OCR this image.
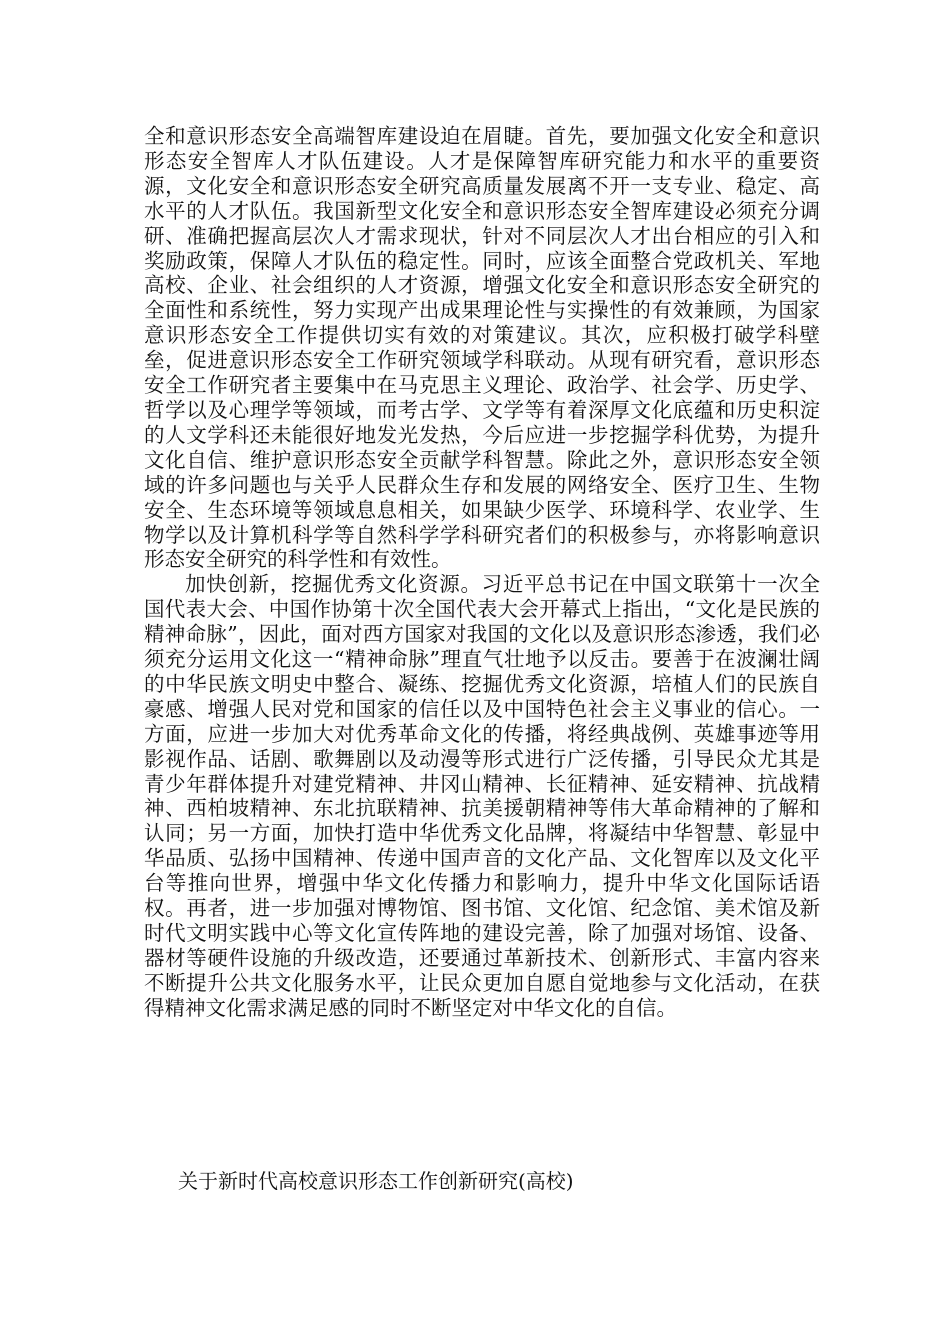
全和意识形态安全高端智库建设迫在眉睫。首先，要加强文化安全和意识形态安全智库人才队伍建设。人才是保障智库研究能力和水平的重要资源，文化安全和意识形态安全研究高质量发展离不开一支专业、稳定、高水平的人才队伍。我国新型文化安全和意识形态安全智库建设必须充分调研、准确把握高层次人才需求现状，针对不同层次人才出台相应的引入和奖励政策，保障人才队伍的稳定性。同时，应该全面整合党政机关、军地高校、企业、社会组织的人才资源，增强文化安全和意识形态安全研究的全面性和系统性，努力实现产出成果理论性与实操性的有效兼顾，为国家意识形态安全工作提供切实有效的对策建议。其次，应积极打破学科壁垒，促进意识形态安全工作研究领域学科联动。从现有研究看，意识形态安全工作研究者主要集中在马克思主义理论、政治学、社会学、历史学、哲学以及心理学等领域，而考古学、文学等有着深厚文化底蕴和历史积淀的人文学科还未能很好地发光发热，今后应进一步挖掘学科优势，为提升文化自信、维护意识形态安全贡献学科智慧。除此之外，意识形态安全领域的许多问题也与关乎人民群众生存和发展的网络安全、医疗卫生、生物安全、生态环境等领域息息相关，如果缺少医学、环境科学、农业学、生物学以及计算机科学等自然科学学科研究者们的积极参与，亦将影响意识形态安全研究的科学性和有效性。

加快创新，挖掘优秀文化资源。习近平总书记在中国文联第十一次全国代表大会、中国作协第十次全国代表大会开幕式上指出，“文化是民族的精神命脉”，因此，面对西方国家对我国的文化以及意识形态渗透，我们必须充分运用文化这一“精神命脉”理直气壮地予以反击。要善于在波澜壮阔的中华民族文明史中整合、凝练、挖掘优秀文化资源，培植人们的民族自豪感、增强人民对党和国家的信任以及中国特色社会主义事业的信心。一方面，应进一步加大对优秀革命文化的传播，将经典战例、英雄事迹等用影视作品、话剧、歌舞剧以及动漫等形式进行广泛传播，引导民众尤其是青少年群体提升对建党精神、井冈山精神、长征精神、延安精神、抗战精神、西柏坡精神、东北抗联精神、抗美援朝精神等伟大革命精神的了解和认同；另一方面，加快打造中华优秀文化品牌，将凝结中华智慧、彰显中华品质、弘扬中国精神、传递中国声音的文化产品、文化智库以及文化平台等推向世界，增强中华文化传播力和影响力，提升中华文化国际话语权。再者，进一步加强对博物馆、图书馆、文化馆、纪念馆、美术馆及新时代文明实践中心等文化宣传阵地的建设完善，除了加强对场馆、设备、器材等硬件设施的升级改造，还要通过革新技术、创新形式、丰富内容来不断提升公共文化服务水平，让民众更加自愿自觉地参与文化活动，在获得精神文化需求满足感的同时不断坚定对中华文化的自信。

关于新时代高校意识形态工作创新研究(高校)
